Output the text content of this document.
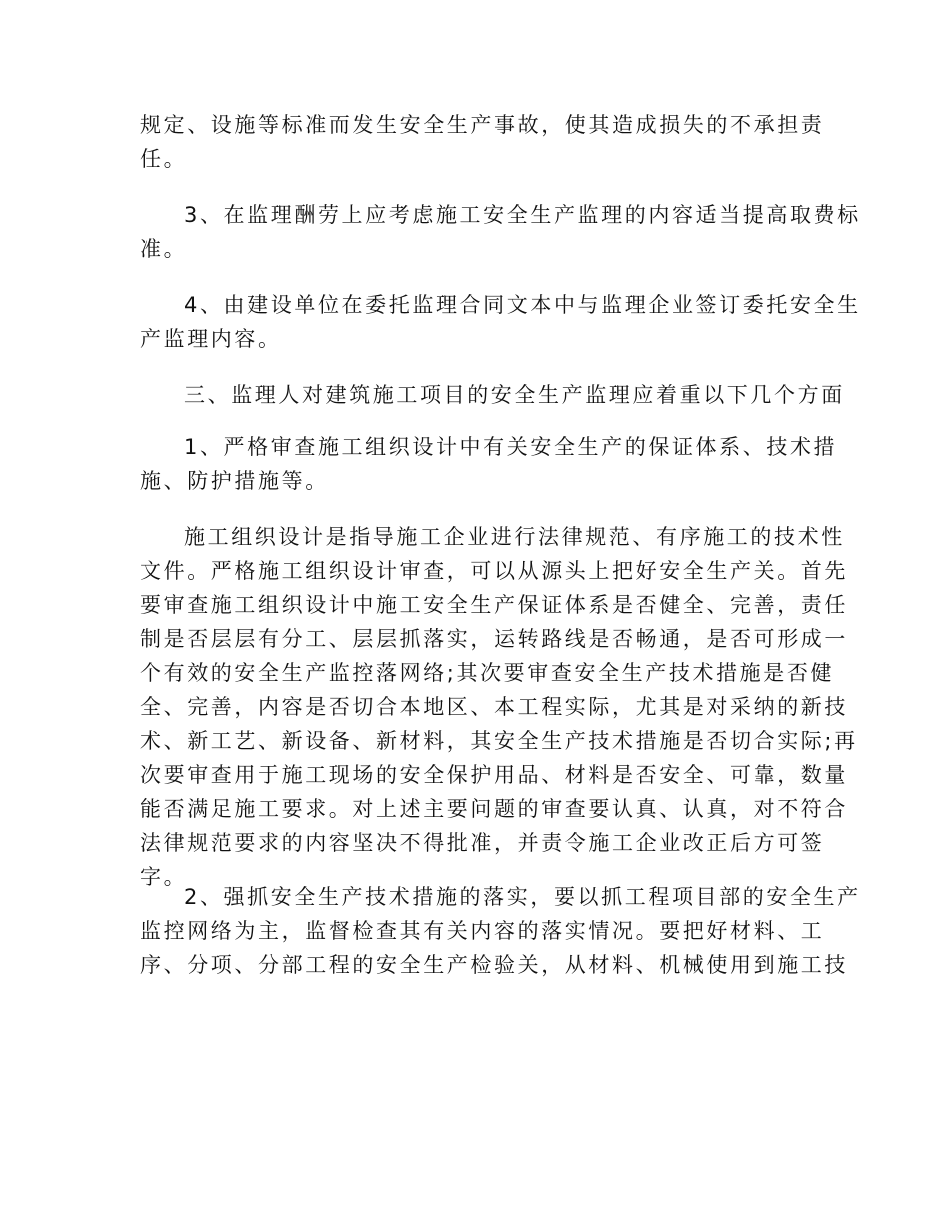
规定、设施等标准而发生安全生产事故，使其造成损失的不承担责
任。
3、在监理酬劳上应考虑施工安全生产监理的内容适当提高取费标
准。
4、由建设单位在委托监理合同文本中与监理企业签订委托安全生
产监理内容。
三、监理人对建筑施工项目的安全生产监理应着重以下几个方面
1、严格审查施工组织设计中有关安全生产的保证体系、技术措
施、防护措施等。
施工组织设计是指导施工企业进行法律规范、有序施工的技术性
文件。严格施工组织设计审查，可以从源头上把好安全生产关。首先
要审查施工组织设计中施工安全生产保证体系是否健全、完善，责任
制是否层层有分工、层层抓落实，运转路线是否畅通，是否可形成一
个有效的安全生产监控落网络;其次要审查安全生产技术措施是否健
全、完善，内容是否切合本地区、本工程实际，尤其是对采纳的新技
术、新工艺、新设备、新材料，其安全生产技术措施是否切合实际;再
次要审查用于施工现场的安全保护用品、材料是否安全、可靠，数量
能否满足施工要求。对上述主要问题的审查要认真、认真，对不符合
法律规范要求的内容坚决不得批准，并责令施工企业改正后方可签
字。
2、强抓安全生产技术措施的落实，要以抓工程项目部的安全生产
监控网络为主，监督检查其有关内容的落实情况。要把好材料、工
序、分项、分部工程的安全生产检验关，从材料、机械使用到施工技
